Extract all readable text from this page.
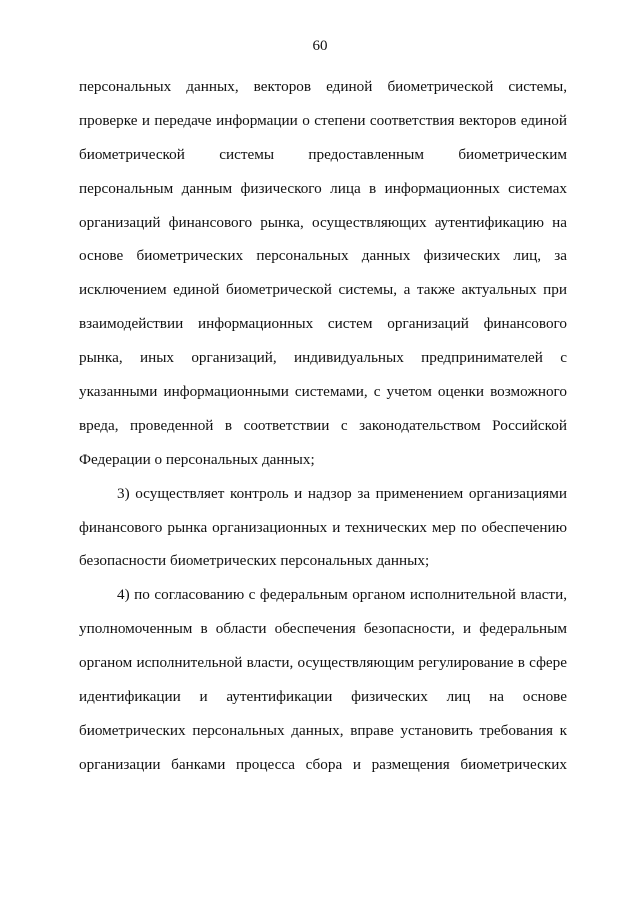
60
персональных данных, векторов единой биометрической системы,
проверке и передаче информации о степени соответствия векторов единой
биометрической системы предоставленным биометрическим
персональным данным физического лица в информационных системах
организаций финансового рынка, осуществляющих аутентификацию на
основе биометрических персональных данных физических лиц, за
исключением единой биометрической системы, а также актуальных при
взаимодействии информационных систем организаций финансового
рынка, иных организаций, индивидуальных предпринимателей с
указанными информационными системами, с учетом оценки возможного
вреда, проведенной в соответствии с законодательством Российской
Федерации о персональных данных;
3) осуществляет контроль и надзор за применением организациями
финансового рынка организационных и технических мер по обеспечению
безопасности биометрических персональных данных;
4) по согласованию с федеральным органом исполнительной власти,
уполномоченным в области обеспечения безопасности, и федеральным
органом исполнительной власти, осуществляющим регулирование в сфере
идентификации и аутентификации физических лиц на основе
биометрических персональных данных, вправе установить требования к
организации банками процесса сбора и размещения биометрических
